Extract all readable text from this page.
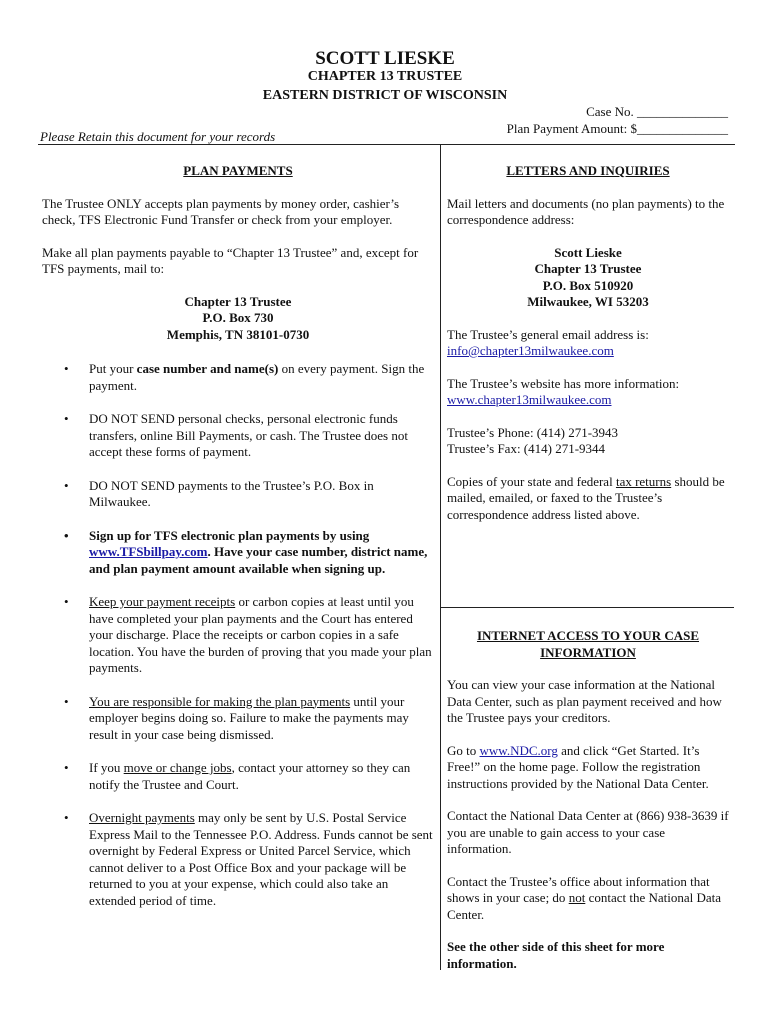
SCOTT LIESKE
CHAPTER 13 TRUSTEE
EASTERN DISTRICT OF WISCONSIN
Case No. ______________
Plan Payment Amount: $______________
Please Retain this document for your records
PLAN PAYMENTS

The Trustee ONLY accepts plan payments by money order, cashier’s check, TFS Electronic Fund Transfer or check from your employer.

Make all plan payments payable to “Chapter 13 Trustee” and, except for TFS payments, mail to:

Chapter 13 Trustee
P.O. Box 730
Memphis, TN 38101-0730
• Put your case number and name(s) on every payment. Sign the payment.
• DO NOT SEND personal checks, personal electronic funds transfers, online Bill Payments, or cash. The Trustee does not accept these forms of payment.
• DO NOT SEND payments to the Trustee’s P.O. Box in Milwaukee.
• Sign up for TFS electronic plan payments by using www.TFSbillpay.com. Have your case number, district name, and plan payment amount available when signing up.
• Keep your payment receipts or carbon copies at least until you have completed your plan payments and the Court has entered your discharge. Place the receipts or carbon copies in a safe location. You have the burden of proving that you made your plan payments.
• You are responsible for making the plan payments until your employer begins doing so. Failure to make the payments may result in your case being dismissed.
• If you move or change jobs, contact your attorney so they can notify the Trustee and Court.
• Overnight payments may only be sent by U.S. Postal Service Express Mail to the Tennessee P.O. Address. Funds cannot be sent overnight by Federal Express or United Parcel Service, which cannot deliver to a Post Office Box and your package will be returned to you at your expense, which could also take an extended period of time.
LETTERS AND INQUIRIES

Mail letters and documents (no plan payments) to the correspondence address:

Scott Lieske
Chapter 13 Trustee
P.O. Box 510920
Milwaukee, WI 53203

The Trustee’s general email address is:
info@chapter13milwaukee.com

The Trustee’s website has more information:
www.chapter13milwaukee.com

Trustee’s Phone: (414) 271-3943
Trustee’s Fax: (414) 271-9344

Copies of your state and federal tax returns should be mailed, emailed, or faxed to the Trustee’s correspondence address listed above.

INTERNET ACCESS TO YOUR CASE INFORMATION

You can view your case information at the National Data Center, such as plan payment received and how the Trustee pays your creditors.

Go to www.NDC.org and click “Get Started. It’s Free!” on the home page. Follow the registration instructions provided by the National Data Center.

Contact the National Data Center at (866) 938-3639 if you are unable to gain access to your case information.

Contact the Trustee’s office about information that shows in your case; do not contact the National Data Center.

See the other side of this sheet for more information.
